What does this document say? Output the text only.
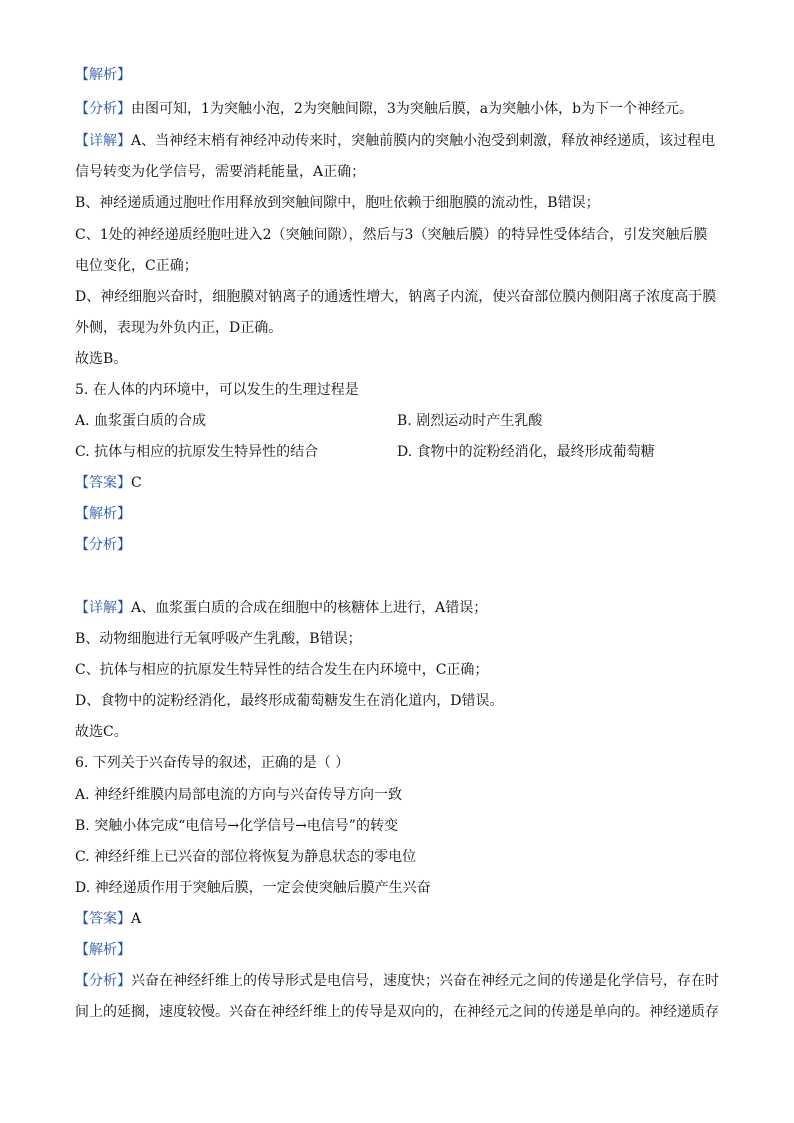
【解析】
【分析】由图可知，1为突触小泡，2为突触间隙，3为突触后膜，a为突触小体，b为下一个神经元。
【详解】A、当神经末梢有神经冲动传来时，突触前膜内的突触小泡受到刺激，释放神经递质，该过程电
信号转变为化学信号，需要消耗能量，A正确；
B、神经递质通过胞吐作用释放到突触间隙中，胞吐依赖于细胞膜的流动性，B错误；
C、1处的神经递质经胞吐进入2（突触间隙），然后与3（突触后膜）的特异性受体结合，引发突触后膜
电位变化，C正确；
D、神经细胞兴奋时，细胞膜对钠离子的通透性增大，钠离子内流，使兴奋部位膜内侧阳离子浓度高于膜
外侧，表现为外负内正，D正确。
故选B。
5. 在人体的内环境中，可以发生的生理过程是
A. 血浆蛋白质的合成	B. 剧烈运动时产生乳酸
C. 抗体与相应的抗原发生特异性的结合	D. 食物中的淀粉经消化，最终形成葡萄糖
【答案】C
【解析】
【分析】
【详解】A、血浆蛋白质的合成在细胞中的核糖体上进行，A错误；
B、动物细胞进行无氧呼吸产生乳酸，B错误；
C、抗体与相应的抗原发生特异性的结合发生在内环境中，C正确；
D、食物中的淀粉经消化，最终形成葡萄糖发生在消化道内，D错误。
故选C。
6. 下列关于兴奋传导的叙述，正确的是（ ）
A. 神经纤维膜内局部电流的方向与兴奋传导方向一致
B. 突触小体完成“电信号→化学信号→电信号”的转变
C. 神经纤维上已兴奋的部位将恢复为静息状态的零电位
D. 神经递质作用于突触后膜，一定会使突触后膜产生兴奋
【答案】A
【解析】
【分析】兴奋在神经纤维上的传导形式是电信号，速度快；兴奋在神经元之间的传递是化学信号，存在时
间上的延搁，速度较慢。兴奋在神经纤维上的传导是双向的，在神经元之间的传递是单向的。神经递质存
